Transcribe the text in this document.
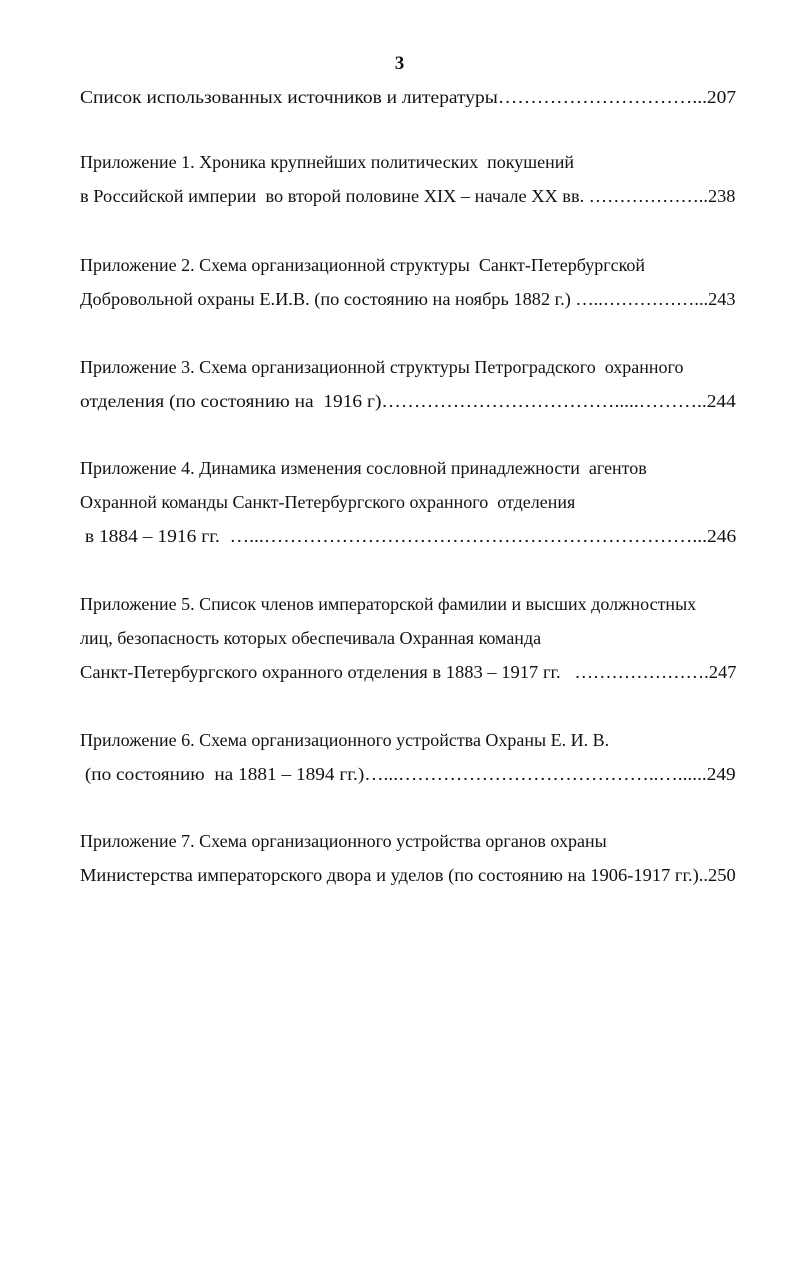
3
Список использованных источников и литературы…………………………...207
Приложение 1. Хроника крупнейших политических  покушений
в Российской империи  во второй половине XIX – начале XX вв. ………………..238
Приложение 2. Схема организационной структуры  Санкт-Петербургской
Добровольной охраны Е.И.В. (по состоянию на ноябрь 1882 г.) …..……………...243
Приложение 3. Схема организационной структуры Петроградского  охранного
отделения (по состоянию на  1916 г)……………………………….....………..244
Приложение 4. Динамика изменения сословной принадлежности  агентов
Охранной команды Санкт-Петербургского охранного  отделения
в 1884 – 1916 гг.  …...…………………………………………………………...246
Приложение 5. Список членов императорской фамилии и высших должностных
лиц, безопасность которых обеспечивала Охранная команда
Санкт-Петербургского охранного отделения в 1883 – 1917 гг.   ………………….247
Приложение 6. Схема организационного устройства Охраны Е. И. В.
(по состоянию  на 1881 – 1894 гг.)…...…………………………………..…......249
Приложение 7. Схема организационного устройства органов охраны
Министерства императорского двора и уделов (по состоянию на 1906-1917 гг.)..250
